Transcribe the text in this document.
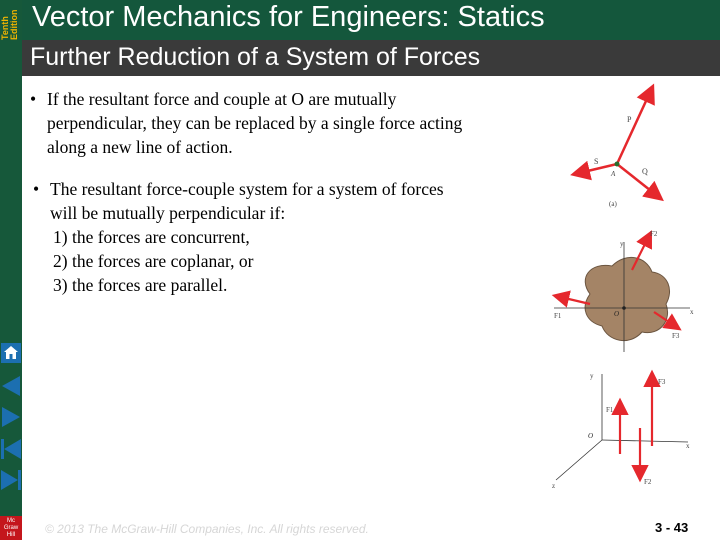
Tenth Edition Vector Mechanics for Engineers: Statics
Further Reduction of a System of Forces
• If the resultant force and couple at O are mutually
perpendicular, they can be replaced by a single force acting
along a new line of action.
• The resultant force-couple system for a system of forces
will be mutually perpendicular if:
1) the forces are concurrent,
2) the forces are coplanar, or
3) the forces are parallel.
P
S
Q
A
(a)
y
x
F2
F1
F3
O
y
x
z
F1
F2
F3
O
Mc
Graw
Hill	© 2013 The McGraw-Hill Companies, Inc. All rights reserved.	3 - 43
